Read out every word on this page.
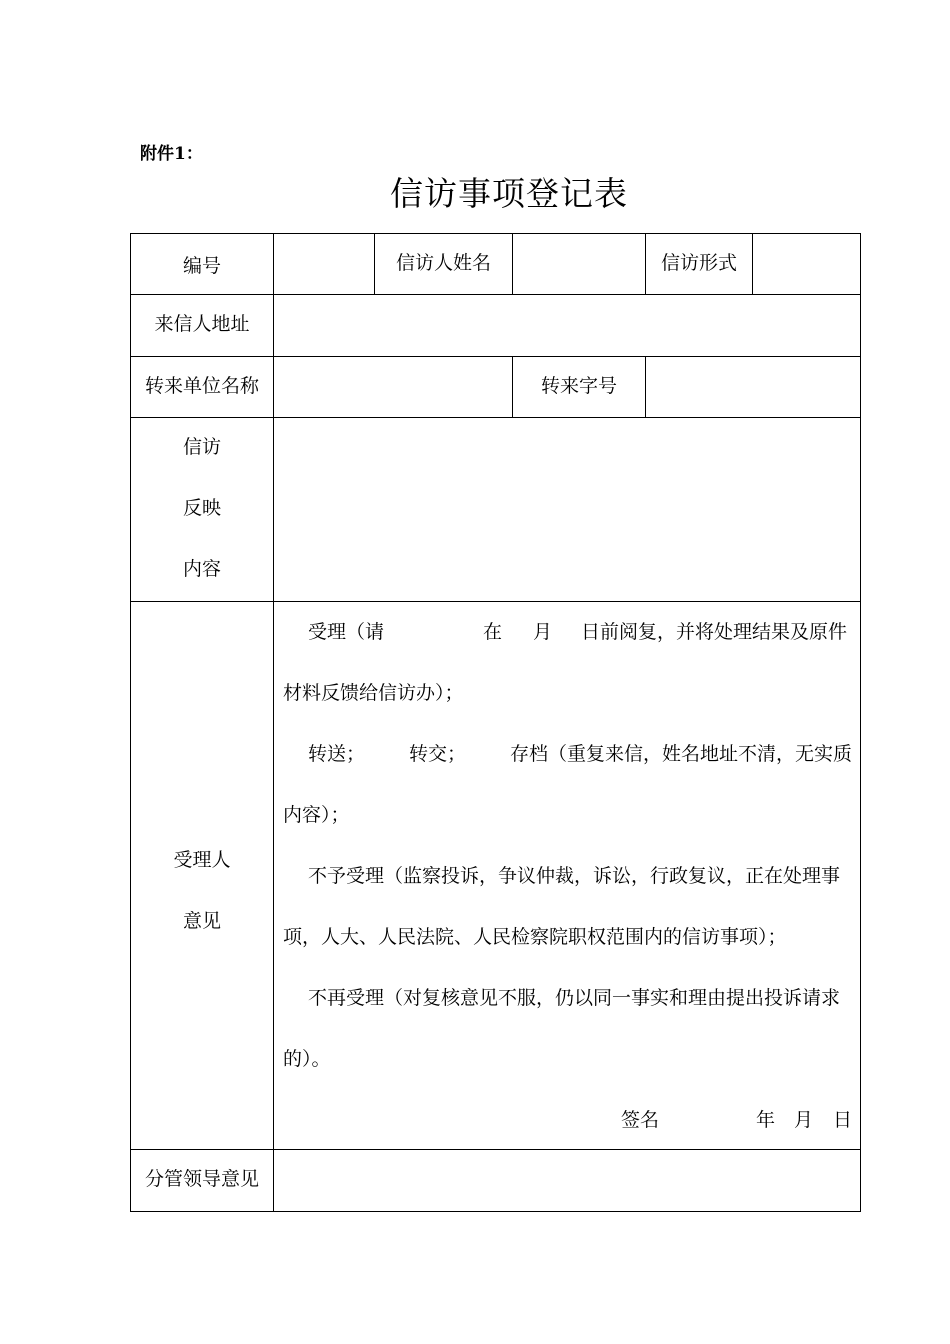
附件1：
信访事项登记表
编号	信访人姓名	信访形式
来信人地址
转来单位名称	转来字号
信访
反映
内容
受理人
意见
受理（请	在 月 日前阅复，并将处理结果及原件
材料反馈给信访办）；
转送； 转交； 存档（重复来信，姓名地址不清，无实质
内容）；
不予受理（监察投诉，争议仲裁，诉讼，行政复议，正在处理事
项，人大、人民法院、人民检察院职权范围内的信访事项）；
不再受理（对复核意见不服，仍以同一事实和理由提出投诉请求
的）。
签名	年 月 日
分管领导意见
